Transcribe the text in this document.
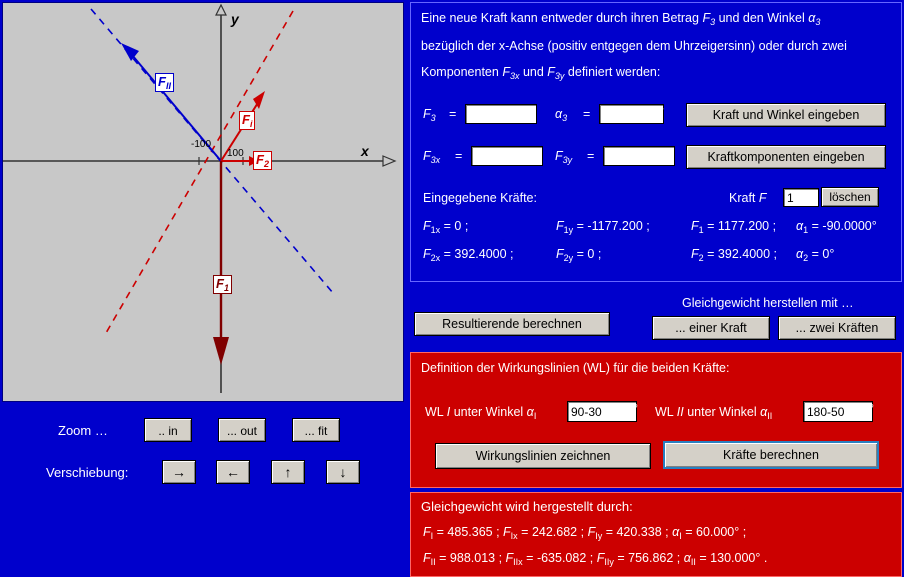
x
y
100
-100
$F_{II}$
$F_i$
$F_2$
$F_1$
Zoom …	.. in	... out	... fit
Verschiebung:	→	←	↑	↓
Eine neue Kraft kann entweder durch ihren Betrag $F_3$ und den Winkel $\alpha_3$
bezüglich der x-Achse (positiv entgegen dem Uhrzeigersinn) oder durch zwei
Komponenten $F_{3x}$ und $F_{3y}$ definiert werden:
$F_3$ =	$\alpha_3$ =	°	Kraft und Winkel eingeben
$F_{3x}$ =	$F_{3y}$ =	Kraftkomponenten eingeben
Eingegebene Kräfte:	Kraft F
1	löschen
$F_{1x} = 0$ ;	$F_{1y} = -1177.200$ ;	$F_1 = 1177.200$ ; $\alpha_1 = -90.0000^\circ$
$F_{2x} = 392.4000$ ;	$F_{2y} = 0$ ;	$F_2 = 392.4000$ ; $\alpha_2 = 0^\circ$
Gleichgewicht herstellen mit …
Resultierende berechnen	... einer Kraft	... zwei Kräften
Definition der Wirkungslinien (WL) für die beiden Kräfte:
WL I unter Winkel $\alpha_I$
90-30	° WL II unter Winkel $\alpha_{II}$
180-50	°
Wirkungslinien zeichnen	Kräfte berechnen
Gleichgewicht wird hergestellt durch:
$F_I = 485.365$ ; $F_{Ix} = 242.682$ ; $F_{Iy} = 420.338$ ; $\alpha_I = 60.000^\circ$ ;
$F_{II} = 988.013$ ; $F_{IIx} = -635.082$ ; $F_{IIy} = 756.862$ ; $\alpha_{II} = 130.000^\circ$ .
